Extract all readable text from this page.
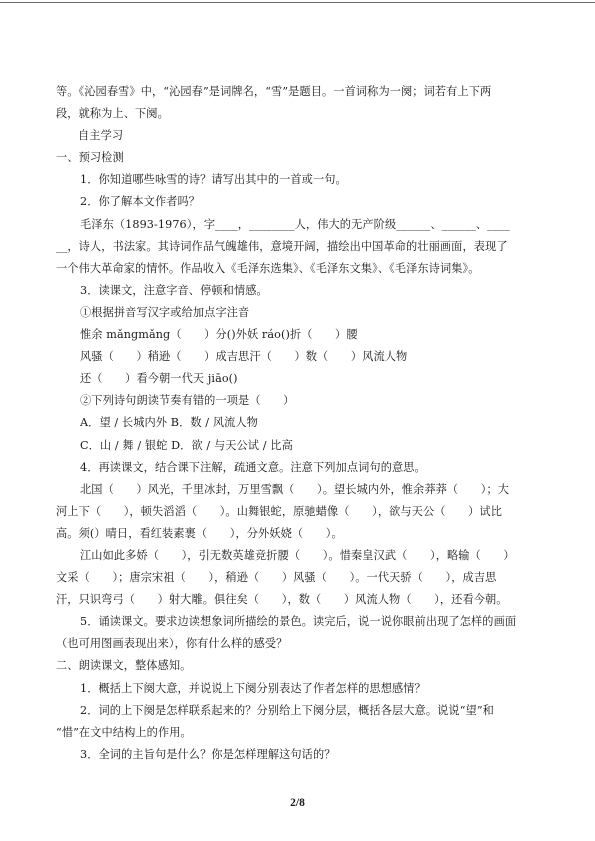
等。《沁园春雪》中，“沁园春”是词牌名，“雪”是题目。一首词称为一阕；词若有上下两
段，就称为上、下阕。
自主学习
一、预习检测
1．你知道哪些咏雪的诗？请写出其中的一首或一句。
2．你了解本文作者吗？
毛泽东（1893-1976），字____，________人，伟大的无产阶级______、______、____
__，诗人，书法家。其诗词作品气魄雄伟，意境开阔，描绘出中国革命的壮丽画面，表现了
一个伟大革命家的情怀。作品收入《毛泽东选集》、《毛泽东文集》、《毛泽东诗词集》。
3．读课文，注意字音、停顿和情感。
①根据拼音写汉字或给加点字注音
惟余 mǎngmǎng（　　）分()外妖 ráo()折（　　）腰
风骚（　　）稍逊（　　）成吉思汗（　　）数（　　）风流人物
还（　　）看今朝一代天 jiāo()
②下列诗句朗读节奏有错的一项是（　　）
A．望 / 长城内外 B．数 / 风流人物
C．山 / 舞 / 银蛇 D．欲 / 与天公试 / 比高
4．再读课文，结合课下注解，疏通文意。注意下列加点词句的意思。
北国（　　）风光，千里冰封，万里雪飘（　　）。望长城内外，惟余莽莽（　　）；大
河上下（　　），顿失滔滔（　　）。山舞银蛇，原驰蜡像（　　），欲与天公（　　）试比
高。须(）晴日，看红装素裹（　　），分外妖娆（　　）。
江山如此多娇（　　），引无数英雄竞折腰（　　）。惜秦皇汉武（　　），略输（　　）
文采（　　）；唐宗宋祖（　　），稍逊（　　）风骚（　　）。一代天骄（　　），成吉思
汗，只识弯弓（　　）射大雕。俱往矣（　　），数（　　）风流人物（　　），还看今朝。
5．诵读课文。要求边读想象词所描绘的景色。读完后，说一说你眼前出现了怎样的画面
（也可用图画表现出来），你有什么样的感受？
二、朗读课文，整体感知。
1．概括上下阕大意，并说说上下阕分别表达了作者怎样的思想感情？
2．词的上下阕是怎样联系起来的？分别给上下阕分层，概括各层大意。说说“望”和
“惜”在文中结构上的作用。
3．全词的主旨句是什么？你是怎样理解这句话的？
2/8
